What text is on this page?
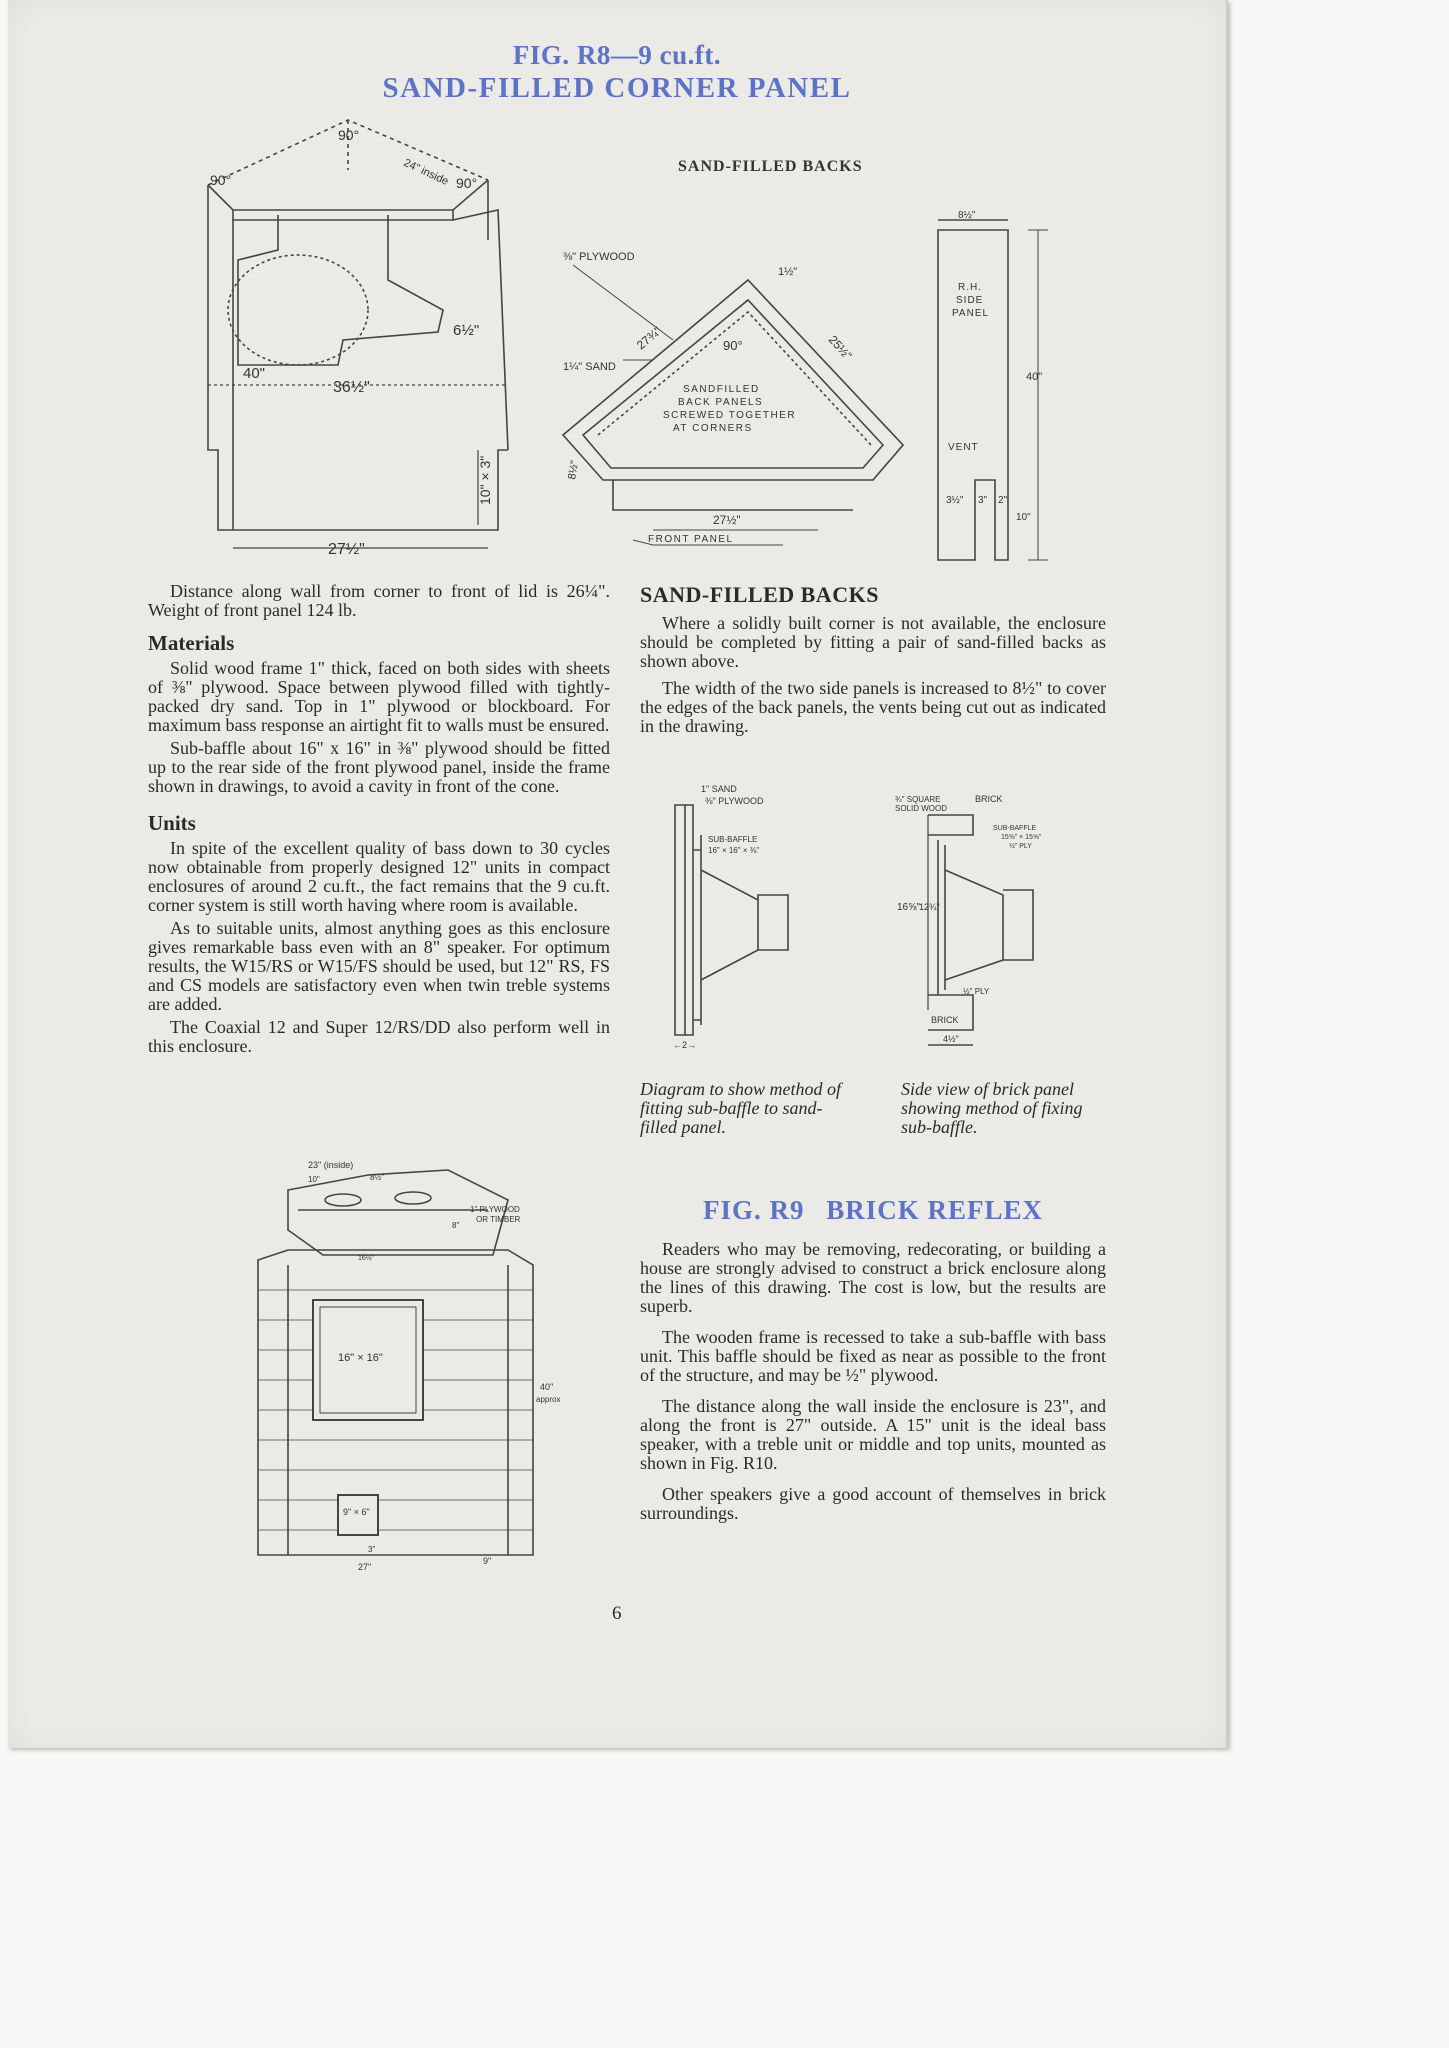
FIG. R8—9 cu.ft.
SAND-FILLED CORNER PANEL
90°
90°	90°
24" inside
6½"
40"
36½"
10" × 3"
27½"
SAND-FILLED BACKS
⅜" PLYWOOD
1¼" SAND
27¾"	25½"
90°
1½"
SANDFILLED
BACK PANELS
SCREWED TOGETHER
AT CORNERS
8½"
27½"
FRONT PANEL
8½"
R.H.
SIDE
PANEL
40"
VENT
3½" 3" 2"
10"

Distance along wall from corner to front of lid is 26¼". Weight of front panel 124 lb.

Materials

Solid wood frame 1" thick, faced on both sides with sheets of ⅜" plywood. Space between plywood filled with tightly-packed dry sand. Top in 1" plywood or blockboard. For maximum bass response an airtight fit to walls must be ensured.

Sub-baffle about 16" x 16" in ⅜" plywood should be fitted up to the rear side of the front plywood panel, inside the frame shown in drawings, to avoid a cavity in front of the cone.

Units

In spite of the excellent quality of bass down to 30 cycles now obtainable from properly designed 12" units in compact enclosures of around 2 cu.ft., the fact remains that the 9 cu.ft. corner system is still worth having where room is available.

As to suitable units, almost anything goes as this enclosure gives remarkable bass even with an 8" speaker. For optimum results, the W15/RS or W15/FS should be used, but 12" RS, FS and CS models are satisfactory even when twin treble systems are added.

The Coaxial 12 and Super 12/RS/DD also perform well in this enclosure.

SAND-FILLED BACKS

Where a solidly built corner is not available, the enclosure should be completed by fitting a pair of sand-filled backs as shown above.

The width of the two side panels is increased to 8½" to cover the edges of the back panels, the vents being cut out as indicated in the drawing.

1" SAND
⅜" PLYWOOD
SUB-BAFFLE
16" × 16" × ⅜"
←2→
¾" SQUARE
SOLID WOOD
BRICK
SUB-BAFFLE
15⅝" × 15⅝"
½" PLY
16⅝"
12¾"
½" PLY
BRICK
4½"
Diagram to show method of fitting sub-baffle to sand-filled panel.
Side view of brick panel showing method of fixing sub-baffle.
23" (inside)
10"	8½"
1" PLYWOOD
OR TIMBER
8"
16½"
16" × 16"
40"
approx
9" × 6"
3"
27"
9"
FIG. R9 BRICK REFLEX

Readers who may be removing, redecorating, or building a house are strongly advised to construct a brick enclosure along the lines of this drawing. The cost is low, but the results are superb.

The wooden frame is recessed to take a sub-baffle with bass unit. This baffle should be fixed as near as possible to the front of the structure, and may be ½" plywood.

The distance along the wall inside the enclosure is 23", and along the front is 27" outside. A 15" unit is the ideal bass speaker, with a treble unit or middle and top units, mounted as shown in Fig. R10.

Other speakers give a good account of themselves in brick surroundings.

6
